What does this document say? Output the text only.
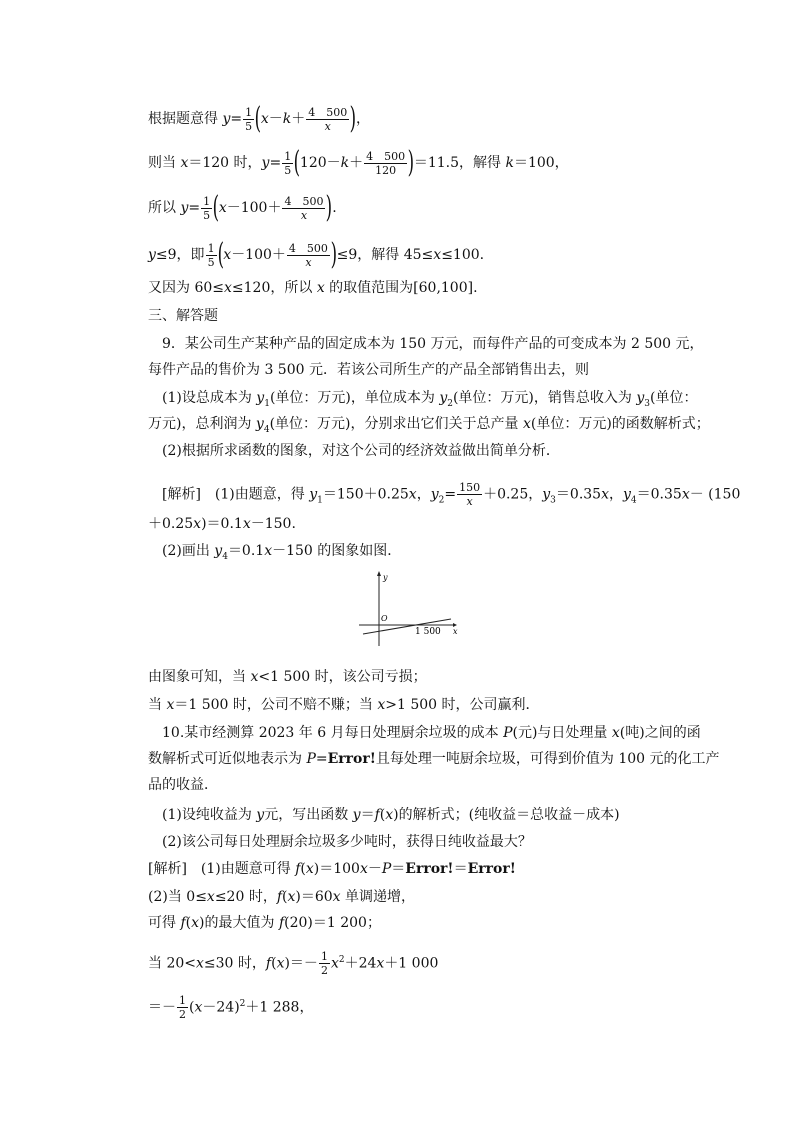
根据题意得 $y= \frac{1}{5} (x-k+ \frac{4 500}{x}$ )，
则当 x＝120 时，$y= \frac{1}{5} (120-k+ \frac{4 500}{120} )=11.5$，解得 k＝100，
所以 $y= \frac{1}{5} (x-100+ \frac{4 500}{x}$ ).
y≤9，即 $\frac{1}{5} (x-100+ \frac{4 500}{x} )\le 9$，解得 45≤x≤100.
又因为 60≤x≤120，所以 x 的取值范围为[60,100].
三、解答题
9．某公司生产某种产品的固定成本为 150 万元，而每件产品的可变成本为 2 500 元，
每件产品的售价为 3 500 元．若该公司所生产的产品全部销售出去，则
(1)设总成本为 $y_1$(单位：万元)，单位成本为 $y_2$(单位：万元)，销售总收入为 $y_3$(单位：
万元)，总利润为 $y_4$(单位：万元)，分别求出它们关于总产量 x(单位：万元)的函数解析式；
(2)根据所求函数的图象，对这个公司的经济效益做出简单分析．
[解析]　(1)由题意，得 $y_1=150+0.25x$，$y_2= \frac{150}{x} +0.25$，$y_3=0.35x$，$y_4=0.35x- (150$
＋0.25x)＝0.1x－150.
(2)画出 $y_4=0.1x-150$ 的图象如图．
y
O
x
1 500
由图象可知，当 x<1 500 时，该公司亏损；
当 x＝1 500 时，公司不赔不赚；当 x>1 500 时，公司赢利．
10.某市经测算 2023 年 6 月每日处理厨余垃圾的成本 P(元)与日处理量 x(吨)之间的函
数解析式可近似地表示为 P=Error!且每处理一吨厨余垃圾，可得到价值为 100 元的化工产
品的收益．
(1)设纯收益为 y元，写出函数 y＝f(x)的解析式；(纯收益＝总收益－成本)
(2)该公司每日处理厨余垃圾多少吨时，获得日纯收益最大？
[解析]　(1)由题意可得 f(x)＝100x－P＝Error!＝Error!
(2)当 0≤x≤20 时，f(x)＝60x 单调递增，
可得 f(x)的最大值为 f(20)＝1 200；
当 20<x≤30 时，$f(x)=- \frac{1}{2} x^2+24x+1$ 000
＝－ $\frac{1}{2} (x-24)^2+1$ 288，
